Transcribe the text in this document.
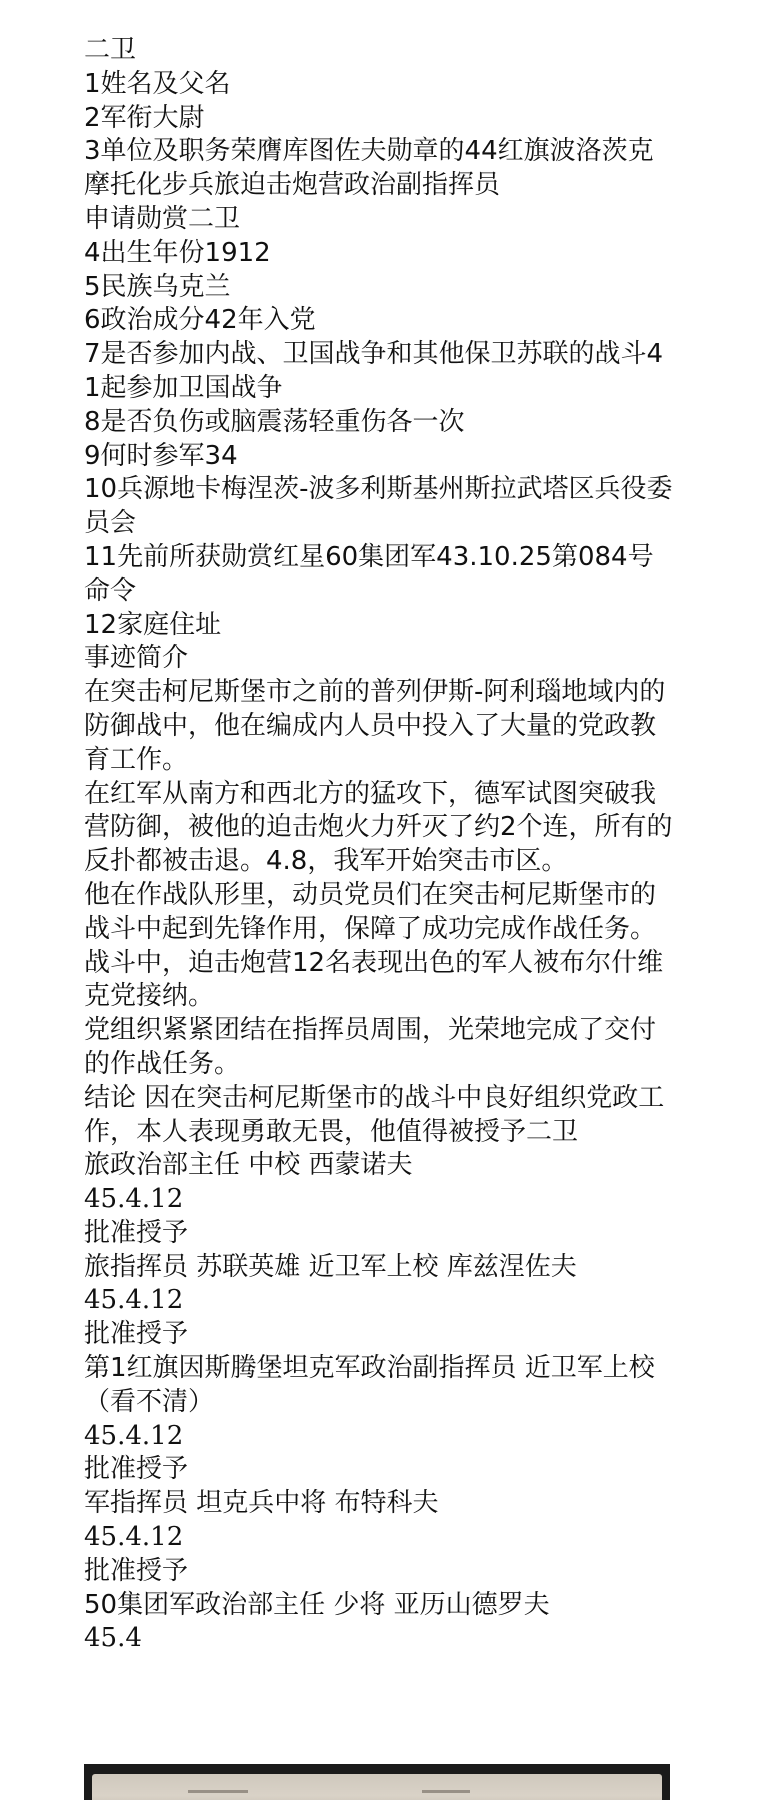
二卫
1姓名及父名
2军衔大尉
3单位及职务荣膺库图佐夫勋章的44红旗波洛茨克摩托化步兵旅迫击炮营政治副指挥员
申请勋赏二卫
4出生年份1912
5民族乌克兰
6政治成分42年入党
7是否参加内战、卫国战争和其他保卫苏联的战斗41起参加卫国战争
8是否负伤或脑震荡轻重伤各一次
9何时参军34
10兵源地卡梅涅茨-波多利斯基州斯拉武塔区兵役委员会
11先前所获勋赏红星60集团军43.10.25第084号命令
12家庭住址
事迹简介
在突击柯尼斯堡市之前的普列伊斯-阿利瑙地域内的防御战中，他在编成内人员中投入了大量的党政教育工作。
在红军从南方和西北方的猛攻下，德军试图突破我营防御，被他的迫击炮火力歼灭了约2个连，所有的反扑都被击退。4.8，我军开始突击市区。
他在作战队形里，动员党员们在突击柯尼斯堡市的战斗中起到先锋作用，保障了成功完成作战任务。
战斗中，迫击炮营12名表现出色的军人被布尔什维克党接纳。
党组织紧紧团结在指挥员周围，光荣地完成了交付的作战任务。
结论 因在突击柯尼斯堡市的战斗中良好组织党政工作，本人表现勇敢无畏，他值得被授予二卫
旅政治部主任 中校 西蒙诺夫
45.4.12
批准授予
旅指挥员 苏联英雄 近卫军上校 库兹涅佐夫
45.4.12
批准授予
第1红旗因斯腾堡坦克军政治副指挥员 近卫军上校（看不清）
45.4.12
批准授予
军指挥员 坦克兵中将 布特科夫
45.4.12
批准授予
50集团军政治部主任 少将 亚历山德罗夫
45.4
